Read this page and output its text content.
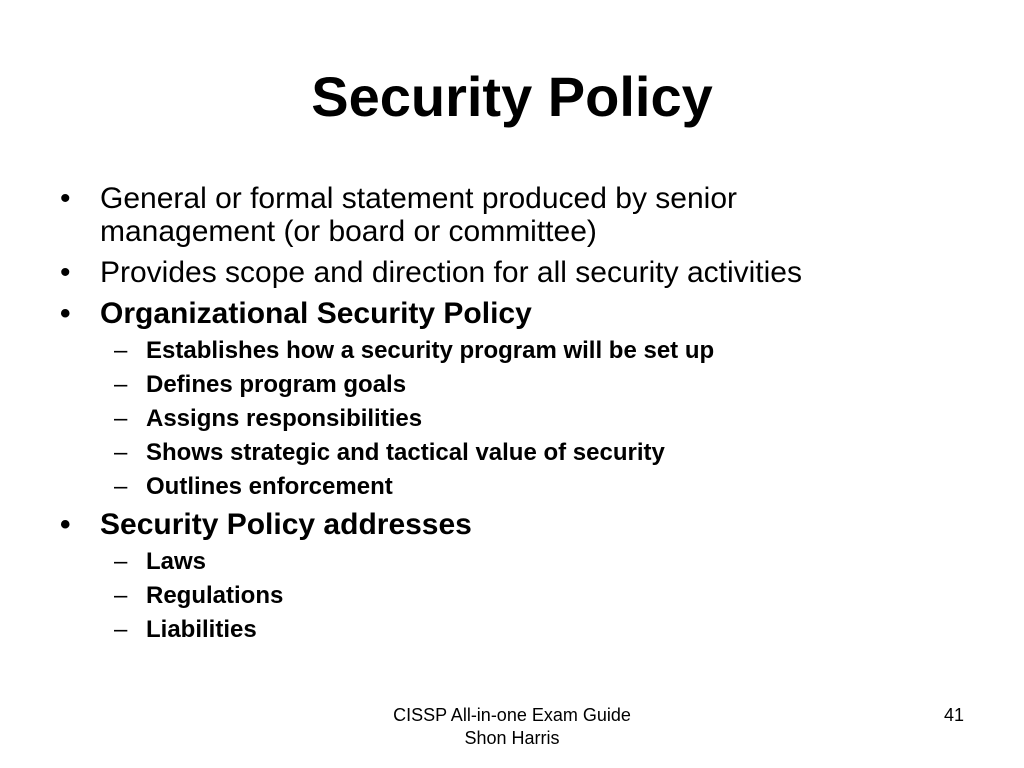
Security Policy
• General or formal statement produced by senior
management (or board or committee)
• Provides scope and direction for all security activities
• Organizational Security Policy
– Establishes how a security program will be set up
– Defines program goals
– Assigns responsibilities
– Shows strategic and tactical value of security
– Outlines enforcement
• Security Policy addresses
– Laws
– Regulations
– Liabilities
CISSP All-in-one Exam Guide
Shon Harris
41
